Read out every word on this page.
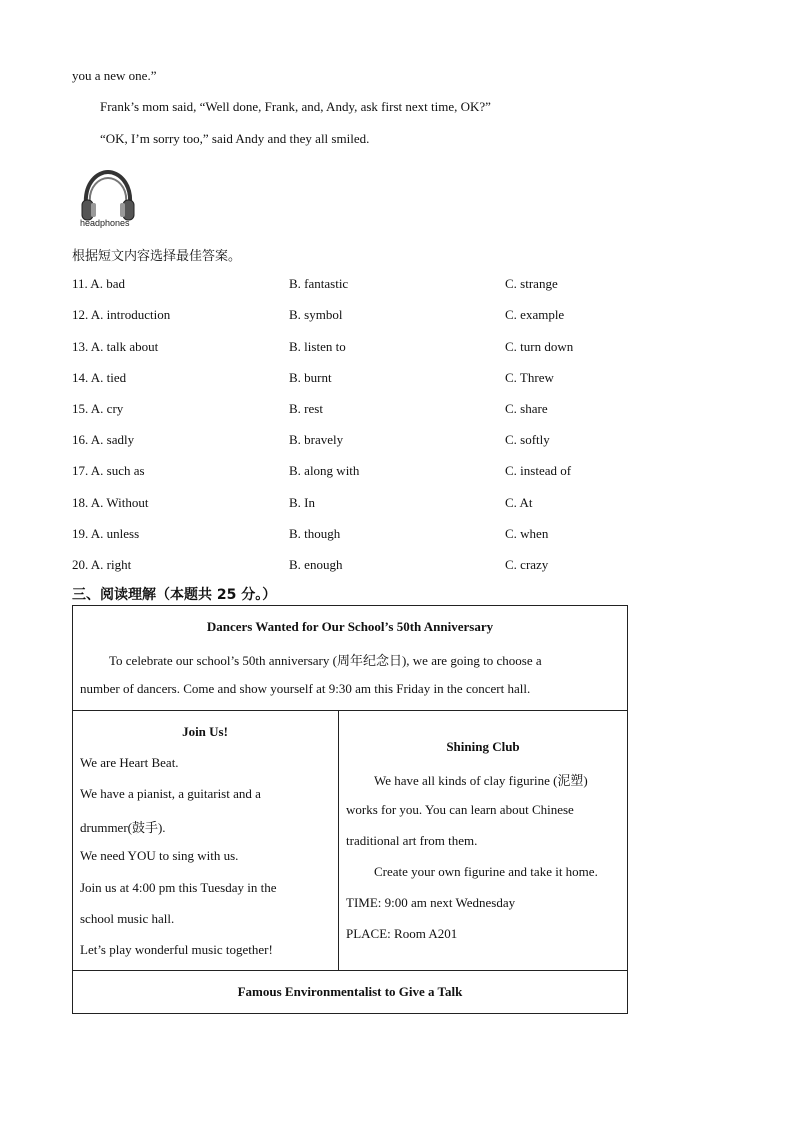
you a new one.”
Frank’s mom said, “Well done, Frank, and, Andy, ask first next time, OK?”
“OK, I’m sorry too,” said Andy and they all smiled.
headphones
根据短文内容选择最佳答案。
11. A. bad	B. fantastic	C. strange
12. A. introduction	B. symbol	C. example
13. A. talk about	B. listen to	C. turn down
14. A. tied	B. burnt	C. Threw
15. A. cry	B. rest	C. share
16. A. sadly	B. bravely	C. softly
17. A. such as	B. along with	C. instead of
18. A. Without	B. In	C. At
19. A. unless	B. though	C. when
20. A. right	B. enough	C. crazy
三、阅读理解（本题共 25 分。）
Dancers Wanted for Our School’s 50th Anniversary
To celebrate our school’s 50th anniversary (周年纪念日), we are going to choose a
number of dancers. Come and show yourself at 9:30 am this Friday in the concert hall.
Join Us!
We are Heart Beat.
We have a pianist, a guitarist and a
drummer(鼓手).
We need YOU to sing with us.
Join us at 4:00 pm this Tuesday in the
school music hall.
Let’s play wonderful music together!
Shining Club
We have all kinds of clay figurine (泥塑)
works for you. You can learn about Chinese
traditional art from them.
Create your own figurine and take it home.
TIME: 9:00 am next Wednesday
PLACE: Room A201
Famous Environmentalist to Give a Talk
